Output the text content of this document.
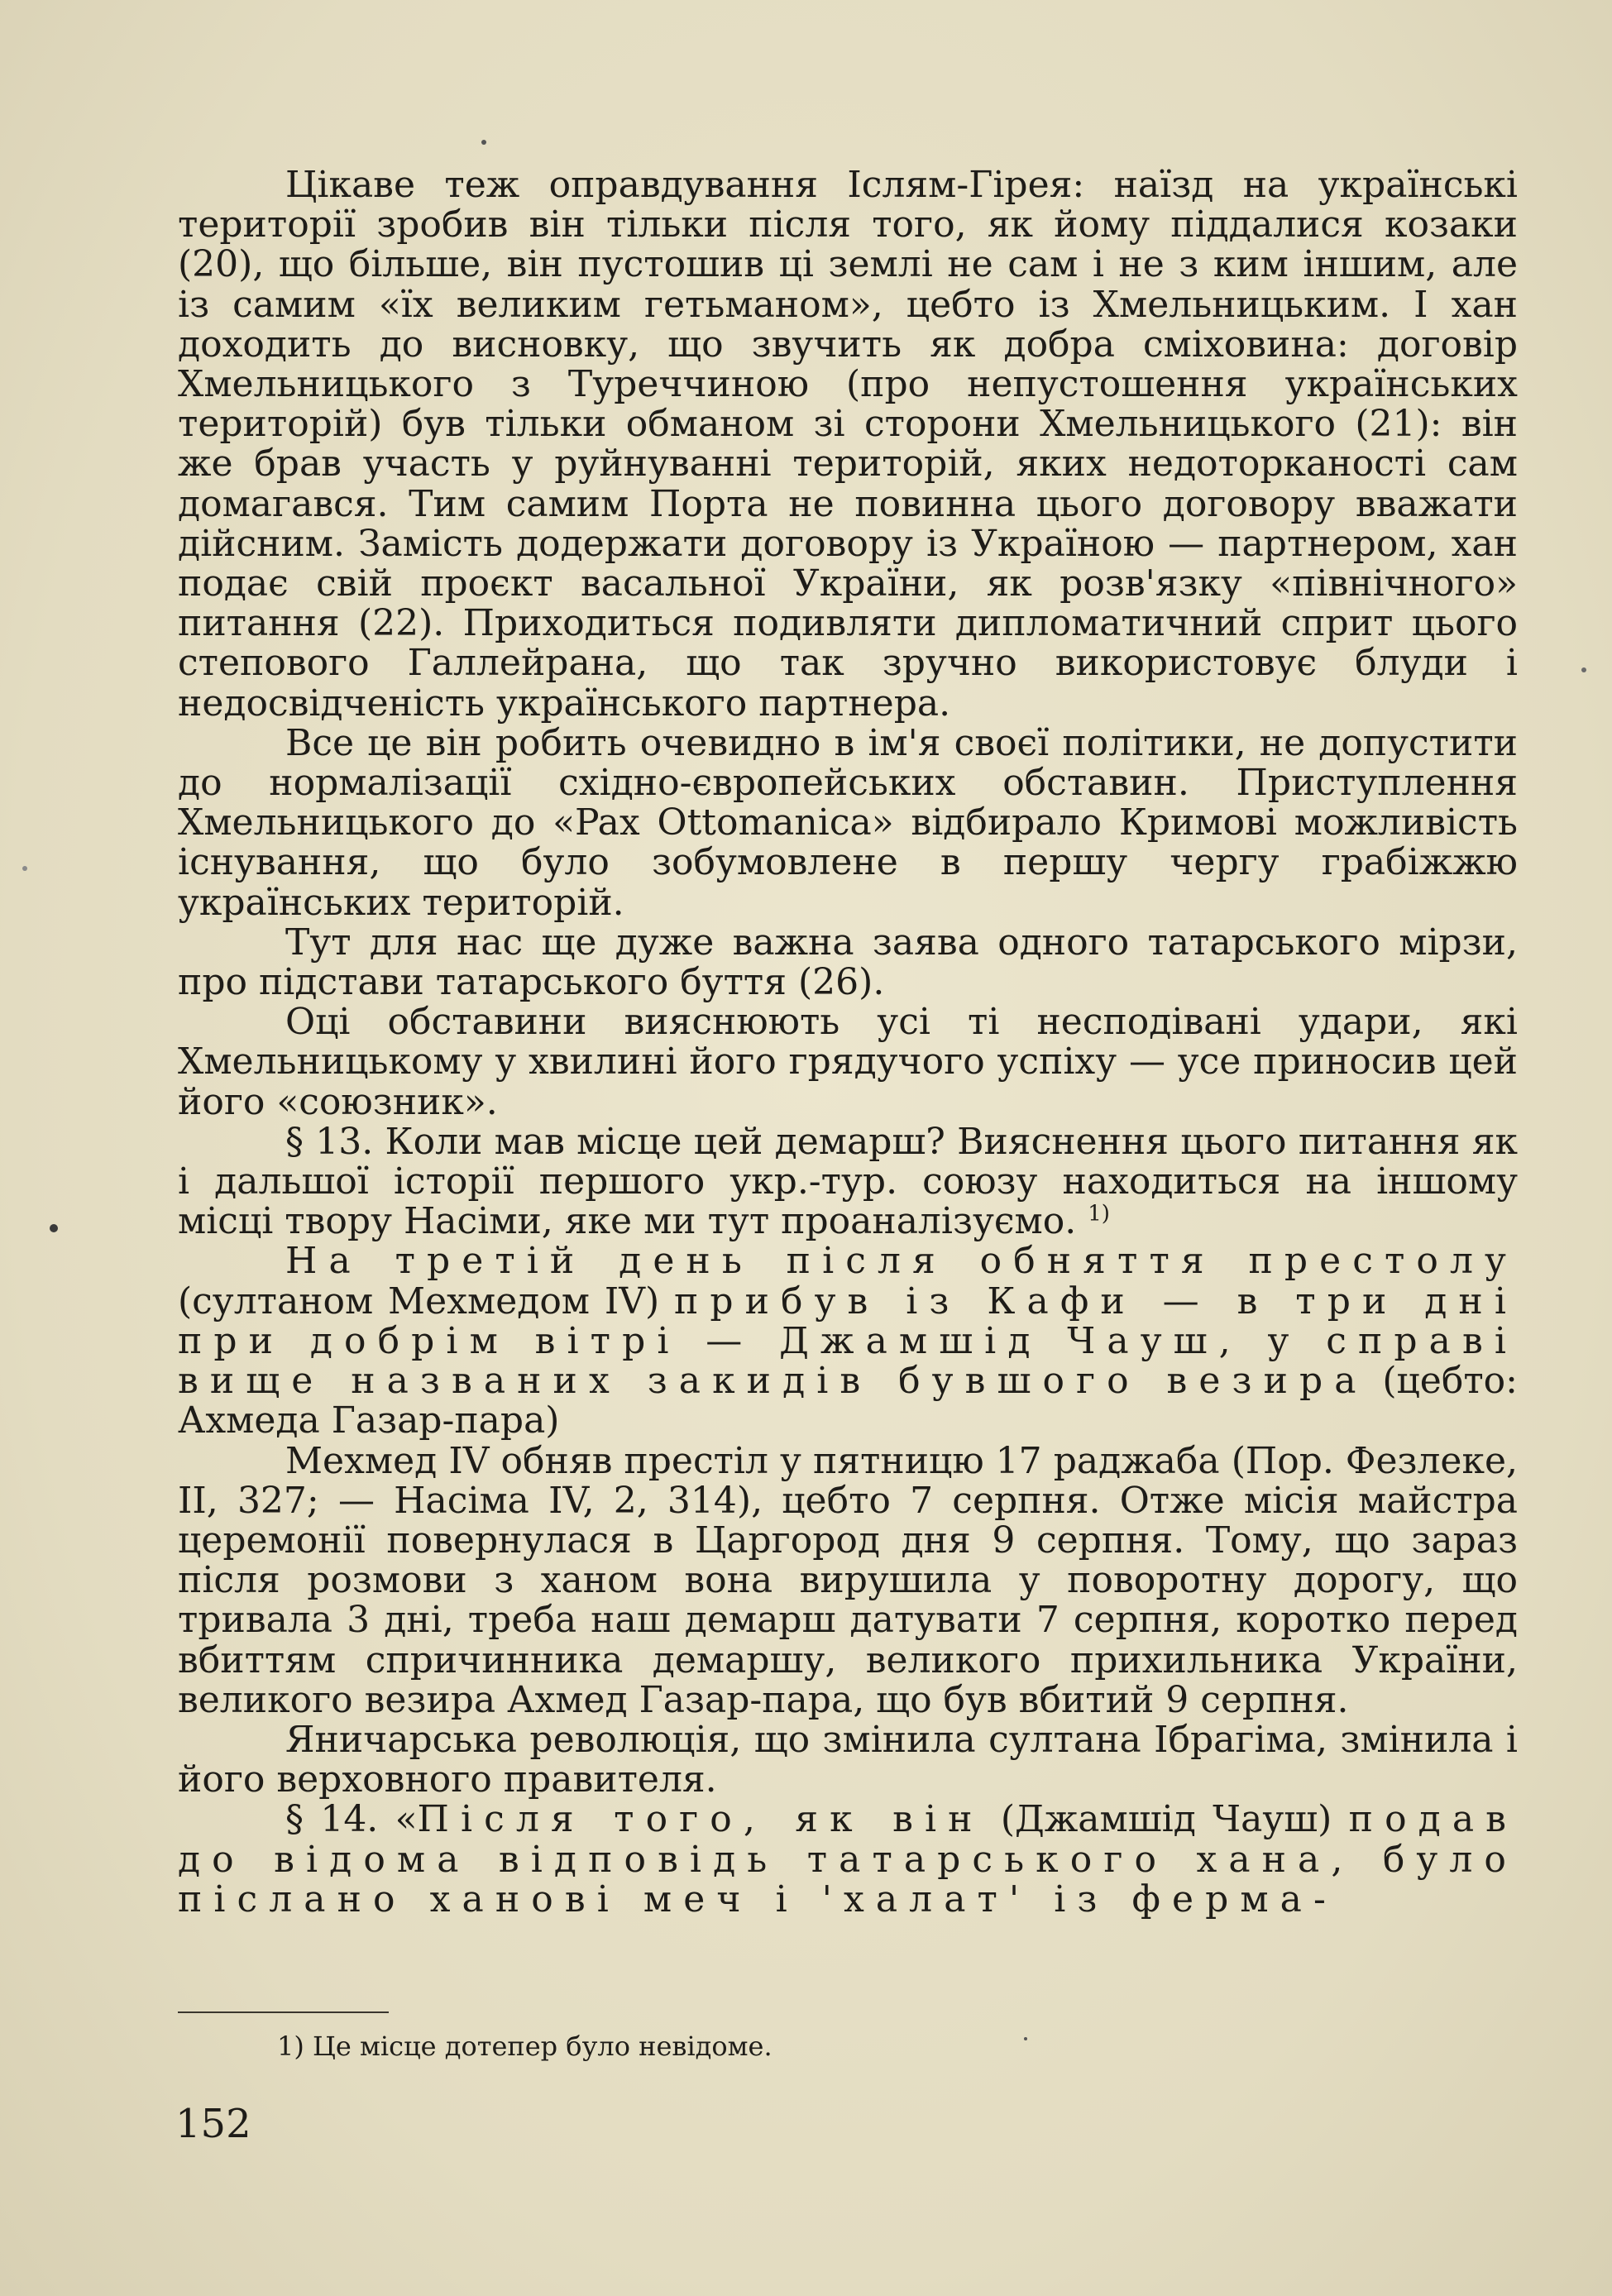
Цікаве теж оправдування Іслям-Гірея: наїзд на українські території зробив він тільки після того, як йому піддалися козаки (20), що більше, він пустошив ці землі не сам і не з ким іншим, але із самим «їх великим гетьманом», цебто із Хмельницьким. І хан доходить до висновку, що звучить як добра сміховина: договір Хмельницького з Туреччиною (про непустошення українських територій) був тільки обманом зі сторони Хмельницького (21): він же брав участь у руйнуванні територій, яких недоторканості сам домагався. Тим самим Порта не повинна цього договору вважати дійсним. Замість додержати договору із Україною — партнером, хан подає свій проєкт васальної України, як розв'язку «північного» питання (22). Приходиться подивляти дипломатичний сприт цього степового Галлейрана, що так зручно використовує блуди і недосвідченість українського партнера.

Все це він робить очевидно в ім'я своєї політики, не допустити до нормалізації східно-європейських обставин. Приступлення Хмельницького до «Pax Ottomanica» відбирало Кримові можливість існування, що було зобумовлене в першу чергу грабіжжю українських територій.

Тут для нас ще дуже важна заява одного татарського мірзи, про підстави татарського буття (26).

Оці обставини вияснюють усі ті несподівані удари, які Хмельницькому у хвилині його грядучого успіху — усе приносив цей його «союзник».

§ 13. Коли мав місце цей демарш? Вияснення цього питання як і дальшої історії першого укр.-тур. союзу находиться на іншому місці твору Насіми, яке ми тут проаналізуємо. $^{1)}$

На третій день після обняття престолу (султаном Мехмедом IV) прибув із Кафи — в три дні при добрім вітрі — Джамшід Чауш, у справі вище названих закидів бувшого везира (цебто: Ахмеда Газар-пара)

Мехмед IV обняв престіл у пятницю 17 раджаба (Пор. Фезлеке, II, 327; — Насіма IV, 2, 314), цебто 7 серпня. Отже місія майстра церемонії повернулася в Царгород дня 9 серпня. Тому, що зараз після розмови з ханом вона вирушила у поворотну дорогу, що тривала 3 дні, треба наш демарш датувати 7 серпня, коротко перед вбиттям спричинника демаршу, великого прихильника України, великого везира Ахмед Газар-пара, що був вбитий 9 серпня.

Яничарська революція, що змінила султана Ібрагіма, змінила і його верховного правителя.

§ 14. «Після того, як він (Джамшід Чауш) подав до відома відповідь татарського хана, було післано ханові меч і 'халат' із ферма-

1) Це місце дотепер було невідоме.
152
